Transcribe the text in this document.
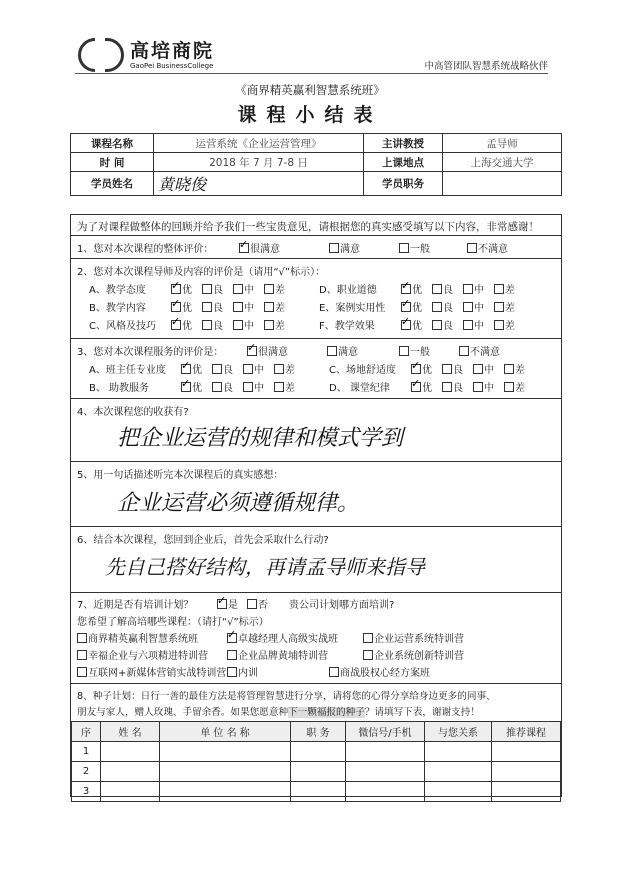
高培商院
GaoPei BusinessCollege	中高管团队智慧系统战略伙伴
《商界精英赢利智慧系统班》
课程小结表
课程名称	运营系统《企业运营管理》	主讲教授	孟导师
时 间	2018 年 7 月 7-8 日	上课地点	上海交通大学
学员姓名	黄晓俊	学员职务	
为了对课程做整体的回顾并给予我们一些宝贵意见，请根据您的真实感受填写以下内容，非常感谢！
1、您对本次课程的整体评价： ✓	很满意	满意	一般	不满意
2、您对本次课程导师及内容的评价是（请用“√”标示）：
A、教学态度 ✓	优　 良　 中　 差
B、教学内容 ✓	优　 良　 中　 差
C、风格及技巧 ✓	优　 良　 中　 差
D、职业道德 ✓	优　 良　 中　 差
E、案例实用性 ✓	优　 良　 中　 差
F、教学效果 ✓	优　 良　 中　 差
3、您对本次课程服务的评价是： ✓	很满意	满意	一般	不满意
A、班主任专业度 ✓	优　 良　 中　 差
B、 助教服务 ✓	优　 良　 中　 差
C、场地舒适度 ✓	优　 良　 中　 差
D、 课堂纪律 ✓	优　 良　 中　 差
4、本次课程您的收获有?
把企业运营的规律和模式学到
5、用一句话描述听完本次课程后的真实感想：
企业运营必须遵循规律。
6、结合本次课程，您回到企业后，首先会采取什么行动?
先自己搭好结构，再请孟导师来指导
7、近期是否有培训计划？ ✓	是	否 贵公司计划哪方面培训?
您希望了解高培哪些课程：（请打“√”标示）
商界精英赢利智慧系统班 ✓	卓越经理人高级实战班	企业运营系统特训营
幸福企业与六项精进特训营	企业品牌黄埔特训营	企业系统创新特训营
互联网+新媒体营销实战特训营	内训	商战股权心经方案班
8、种子计划：日行一善的最佳方法是将管理智慧进行分享，请将您的心得分享给身边更多的同事、
朋友与家人，赠人玫瑰、手留余香。如果您愿意种下一颗福报的种子？请填写下表，谢谢支持！
序	姓 名	单 位 名 称	职 务	微信号/手机	与您关系	推荐课程
1						
2						
3						
